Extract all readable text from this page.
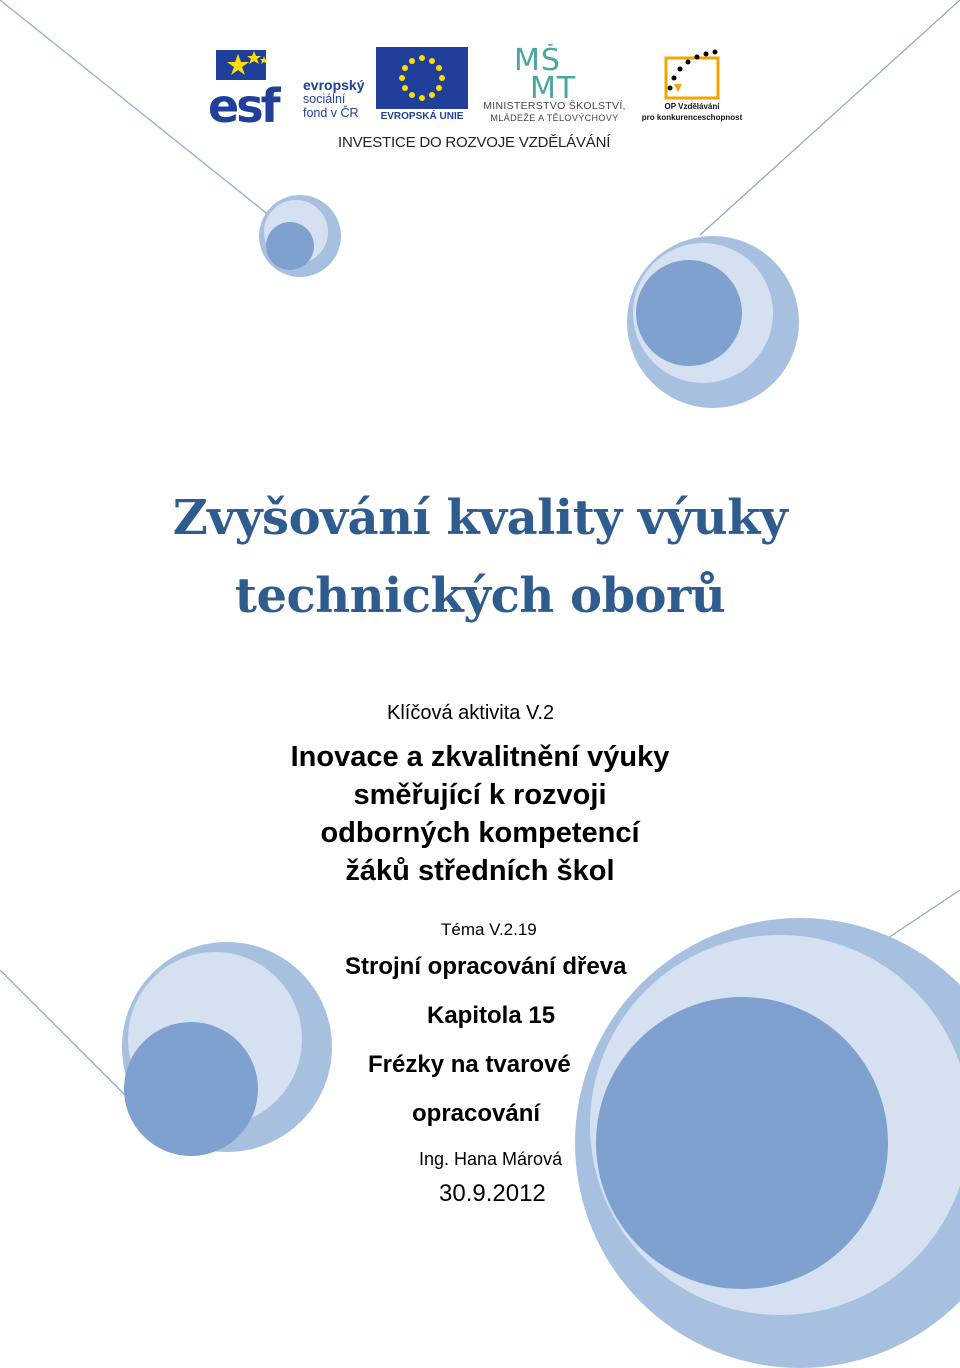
esf evropský
sociální
fond v ČR	EVROPSKÁ UNIE
MŠ
MT
MINISTERSTVO ŠKOLSTVÍ,
MLÁDEŽE A TĚLOVÝCHOVY
OP Vzdělávání
pro konkurenceschopnost
INVESTICE DO ROZVOJE VZDĚLÁVÁNÍ
Zvyšování kvality výuky
technických oborů
Klíčová aktivita V.2
Inovace a zkvalitnění výuky
směřující k rozvoji
odborných kompetencí
žáků středních škol
Téma V.2.19
Strojní opracování dřeva
Kapitola 15
Frézky na tvarové
opracování
Ing. Hana Márová
30.9.2012
